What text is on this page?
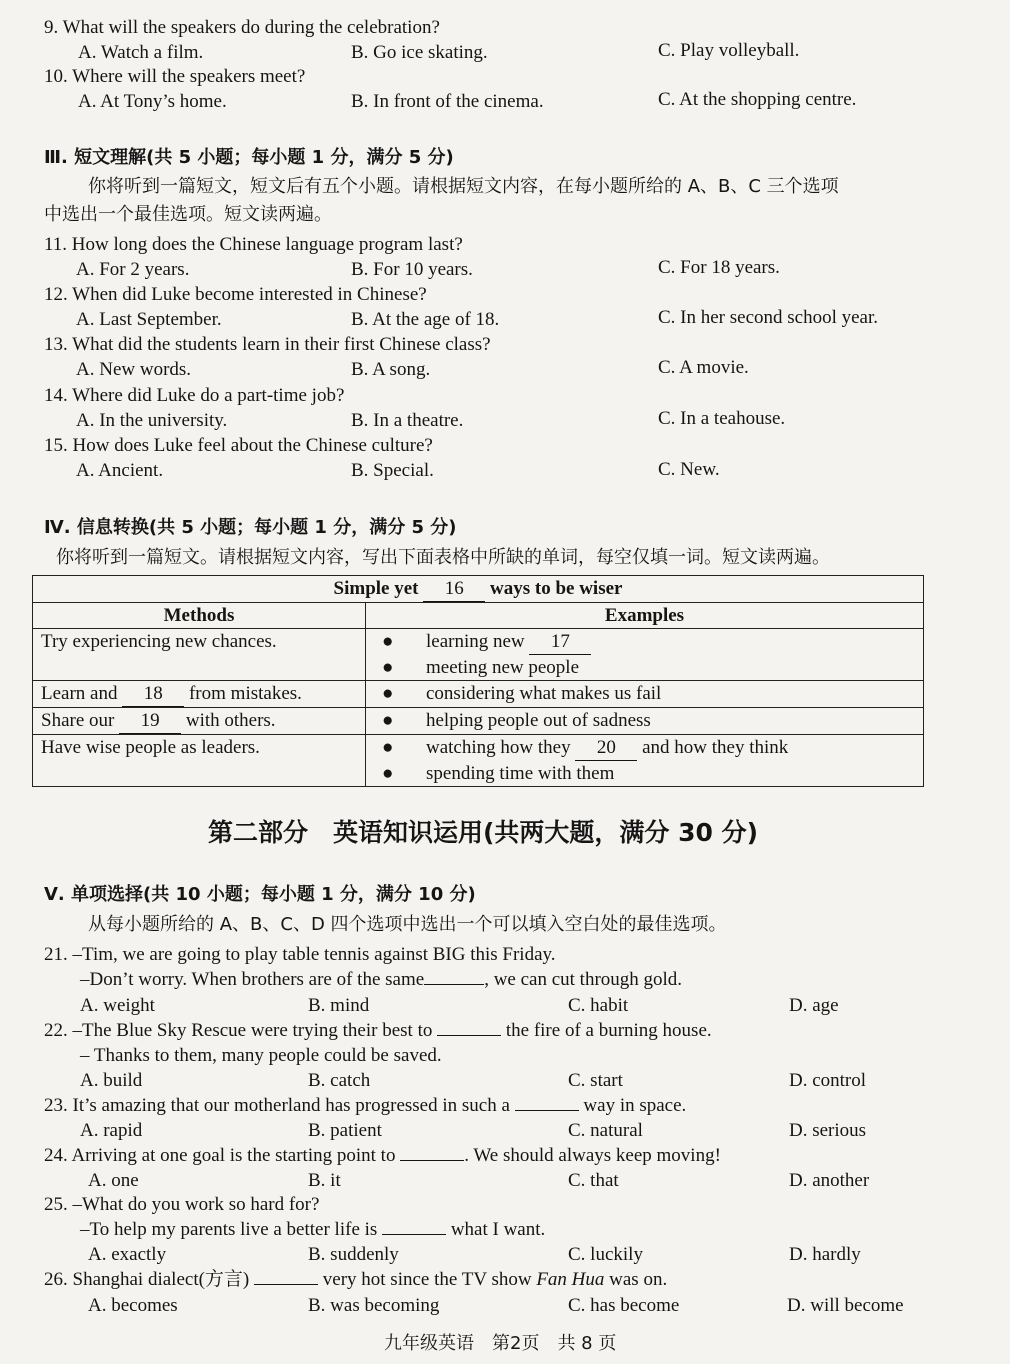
9. What will the speakers do during the celebration?
A. Watch a film.	B. Go ice skating.	C. Play volleyball.
10. Where will the speakers meet?
A. At Tony’s home.	B. In front of the cinema.	C. At the shopping centre.
Ⅲ. 短文理解(共 5 小题；每小题 1 分，满分 5 分)
你将听到一篇短文，短文后有五个小题。请根据短文内容，在每小题所给的 A、B、C 三个选项
中选出一个最佳选项。短文读两遍。
11. How long does the Chinese language program last?
A. For 2 years.	B. For 10 years.	C. For 18 years.
12. When did Luke become interested in Chinese?
A. Last September.	B. At the age of 18.	C. In her second school year.
13. What did the students learn in their first Chinese class?
A. New words.	B. A song.	C. A movie.
14. Where did Luke do a part-time job?
A. In the university.	B. In a theatre.	C. In a teahouse.
15. How does Luke feel about the Chinese culture?
A. Ancient.	B. Special.	C. New.
Ⅳ. 信息转换(共 5 小题；每小题 1 分，满分 5 分)
你将听到一篇短文。请根据短文内容，写出下面表格中所缺的单词，每空仅填一词。短文读两遍。
Simple yet 16 ways to be wiser	
Methods	Examples
Try experiencing new chances.	● learning new 17
● meeting new people

Learn and 18 from mistakes.	● considering what makes us fail
Share our 19 with others.	● helping people out of sadness
Have wise people as leaders.	● watching how they 20 and how they think
● spending time with them
第二部分　英语知识运用(共两大题，满分 30 分)
Ⅴ. 单项选择(共 10 小题；每小题 1 分，满分 10 分)
从每小题所给的 A、B、C、D 四个选项中选出一个可以填入空白处的最佳选项。
21. –Tim, we are going to play table tennis against BIG this Friday.
–Don’t worry. When brothers are of the same	, we can cut through gold.
A. weight	B. mind	C. habit	D. age
22. –The Blue Sky Rescue were trying their best to	the fire of a burning house.
– Thanks to them, many people could be saved.
A. build	B. catch	C. start	D. control
23. It’s amazing that our motherland has progressed in such a	way in space.
A. rapid	B. patient	C. natural	D. serious
24. Arriving at one goal is the starting point to	. We should always keep moving!
A. one	B. it	C. that	D. another
25. –What do you work so hard for?
–To help my parents live a better life is	what I want.
A. exactly	B. suddenly	C. luckily	D. hardly
26. Shanghai dialect(方言)	very hot since the TV show Fan Hua was on.
A. becomes	B. was becoming	C. has become	D. will become
九年级英语　第2页　共 8 页
